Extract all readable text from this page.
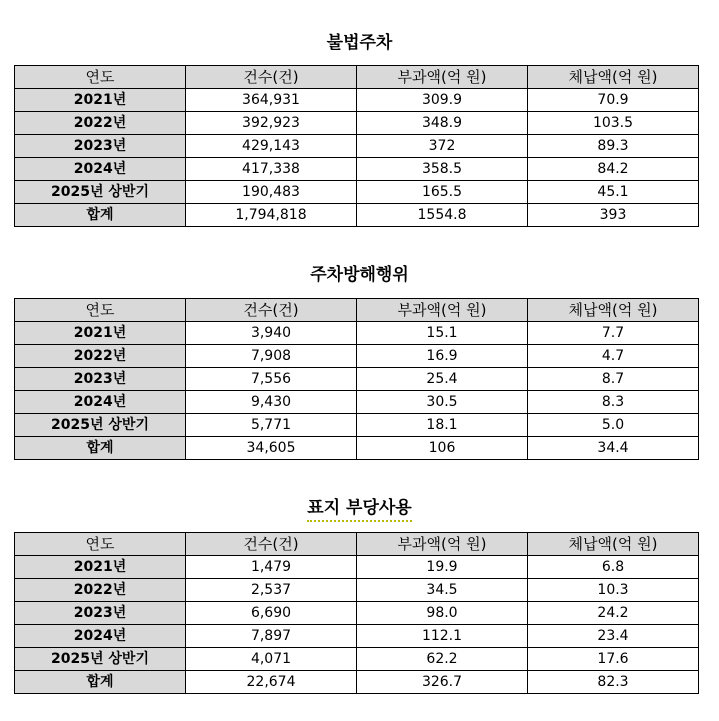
불법주차
연도	건수(건)	부과액(억 원)	체납액(억 원)
2021년	364,931	309.9	70.9
2022년	392,923	348.9	103.5
2023년	429,143	372	89.3
2024년	417,338	358.5	84.2
2025년 상반기	190,483	165.5	45.1
합계	1,794,818	1554.8	393
주차방해행위
연도	건수(건)	부과액(억 원)	체납액(억 원)
2021년	3,940	15.1	7.7
2022년	7,908	16.9	4.7
2023년	7,556	25.4	8.7
2024년	9,430	30.5	8.3
2025년 상반기	5,771	18.1	5.0
합계	34,605	106	34.4
표지 부당사용
연도	건수(건)	부과액(억 원)	체납액(억 원)
2021년	1,479	19.9	6.8
2022년	2,537	34.5	10.3
2023년	6,690	98.0	24.2
2024년	7,897	112.1	23.4
2025년 상반기	4,071	62.2	17.6
합계	22,674	326.7	82.3
